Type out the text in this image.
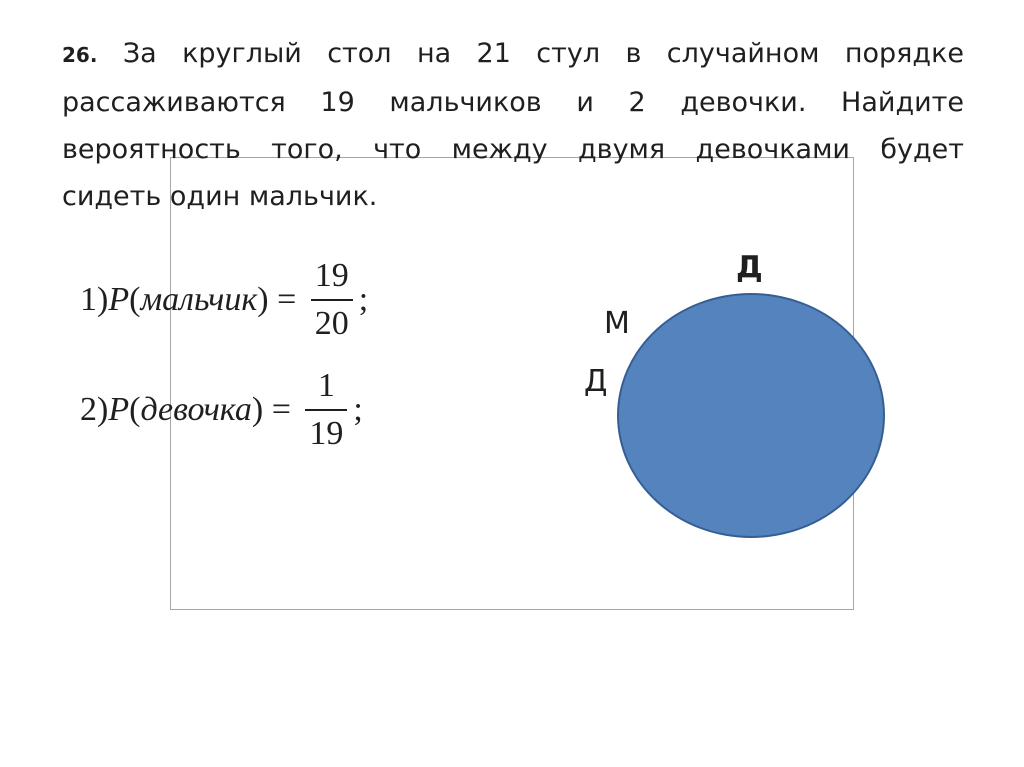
26. За круглый стол на 21 стул в случайном порядке
рассаживаются 19 мальчиков и 2 девочки. Найдите
вероятность того, что между двумя девочками будет
сидеть один мальчик.
1) P ( мальчик ) = $\frac{19}{20}$ ;
2) P ( девочка ) = $\frac{1}{19}$ ;
Д
М
Д
